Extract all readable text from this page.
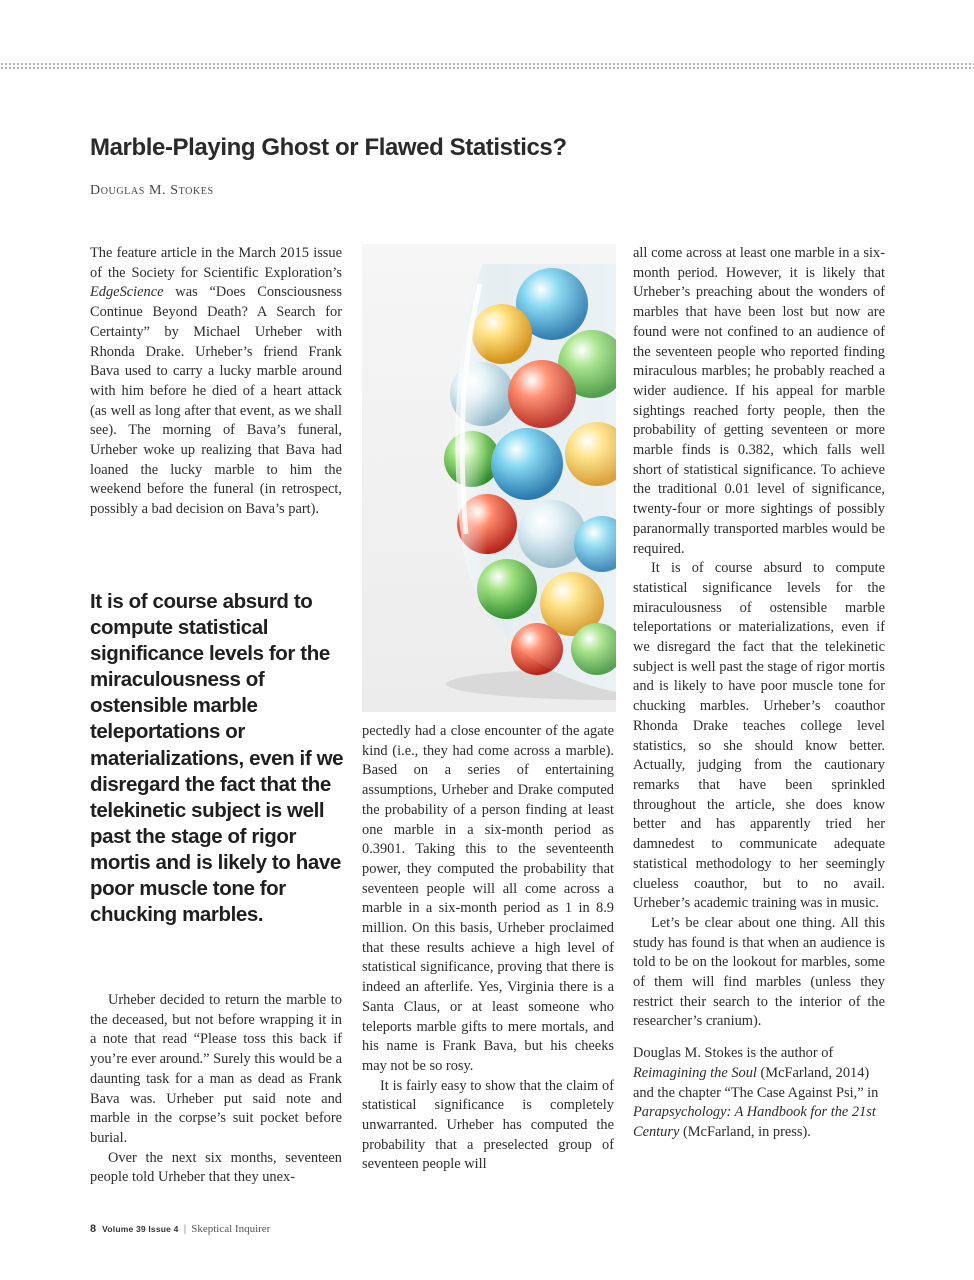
Marble-Playing Ghost or Flawed Statistics?
Douglas M. Stokes

The feature article in the March 2015 issue of the Society for Scientific Exploration’s EdgeScience was “Does Consciousness Continue Beyond Death? A Search for Certainty” by Michael Urheber with Rhonda Drake. Urheber’s friend Frank Bava used to carry a lucky marble around with him before he died of a heart attack (as well as long after that event, as we shall see). The morning of Bava’s funeral, Urheber woke up realizing that Bava had loaned the lucky marble to him the weekend before the funeral (in retrospect, possibly a bad decision on Bava’s part).

It is of course absurd to compute statistical significance levels for the miraculousness of ostensible marble teleportations or materializations, even if we disregard the fact that the telekinetic subject is well past the stage of rigor mortis and is likely to have poor muscle tone for chucking marbles.

Urheber decided to return the marble to the deceased, but not before wrapping it in a note that read “Please toss this back if you’re ever around.” Surely this would be a daunting task for a man as dead as Frank Bava was. Urheber put said note and marble in the corpse’s suit pocket before burial.

Over the next six months, seventeen people told Urheber that they unex-

pectedly had a close encounter of the agate kind (i.e., they had come across a marble). Based on a series of entertaining assumptions, Urheber and Drake computed the probability of a person finding at least one marble in a six-month period as 0.3901. Taking this to the seventeenth power, they computed the probability that seventeen people will all come across a marble in a six-month period as 1 in 8.9 million. On this basis, Urheber proclaimed that these results achieve a high level of statistical significance, proving that there is indeed an afterlife. Yes, Virginia there is a Santa Claus, or at least someone who teleports marble gifts to mere mortals, and his name is Frank Bava, but his cheeks may not be so rosy.

It is fairly easy to show that the claim of statistical significance is completely unwarranted. Urheber has computed the probability that a preselected group of seventeen people will

all come across at least one marble in a six-month period. However, it is likely that Urheber’s preaching about the wonders of marbles that have been lost but now are found were not confined to an audience of the seventeen people who reported finding miraculous marbles; he probably reached a wider audience. If his appeal for marble sightings reached forty people, then the probability of getting seventeen or more marble finds is 0.382, which falls well short of statistical significance. To achieve the traditional 0.01 level of significance, twenty-four or more sightings of possibly paranormally transported marbles would be required.

It is of course absurd to compute statistical significance levels for the miraculousness of ostensible marble teleportations or materializations, even if we disregard the fact that the telekinetic subject is well past the stage of rigor mortis and is likely to have poor muscle tone for chucking marbles. Urheber’s coauthor Rhonda Drake teaches college level statistics, so she should know better. Actually, judging from the cautionary remarks that have been sprinkled throughout the article, she does know better and has apparently tried her damnedest to communicate adequate statistical methodology to her seemingly clueless coauthor, but to no avail. Urheber’s academic training was in music.

Let’s be clear about one thing. All this study has found is that when an audience is told to be on the lookout for marbles, some of them will find marbles (unless they restrict their search to the interior of the researcher’s cranium).

Douglas M. Stokes is the author of Reimagining the Soul (McFarland, 2014) and the chapter “The Case Against Psi,” in Parapsychology: A Handbook for the 21st Century (McFarland, in press).

8 Volume 39 Issue 4 | Skeptical Inquirer
